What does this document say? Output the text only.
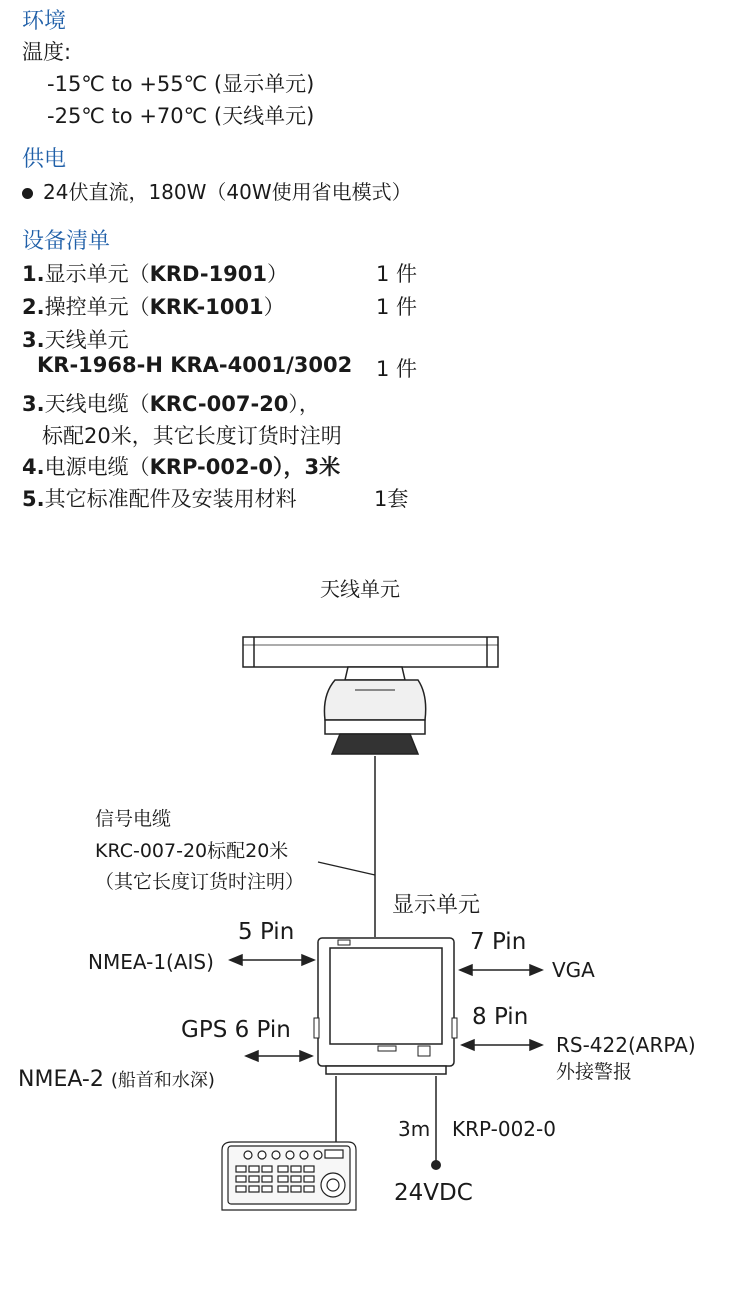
环境
温度:
-15℃ to +55℃ (显示单元)
-25℃ to +70℃ (天线单元)
供电
24伏直流，180W（40W使用省电模式）
设备清单
1.显示单元（KRD-1901）	1 件
2.操控单元（KRK-1001）	1 件
3.天线单元
KR-1968-H KRA-4001/3002 1 件
3.天线电缆（KRC-007-20），
标配20米，其它长度订货时注明
4.电源电缆（KRP-002-0），3米
5.其它标准配件及安装用材料	1套
天线单元
信号电缆
KRC-007-20标配20米
（其它长度订货时注明）
显示单元
5 Pin
NMEA-1(AIS)
7 Pin
VGA
GPS 6 Pin
NMEA-2 (船首和水深)
8 Pin
RS-422(ARPA)
外接警报
3m KRP-002-0
24VDC
